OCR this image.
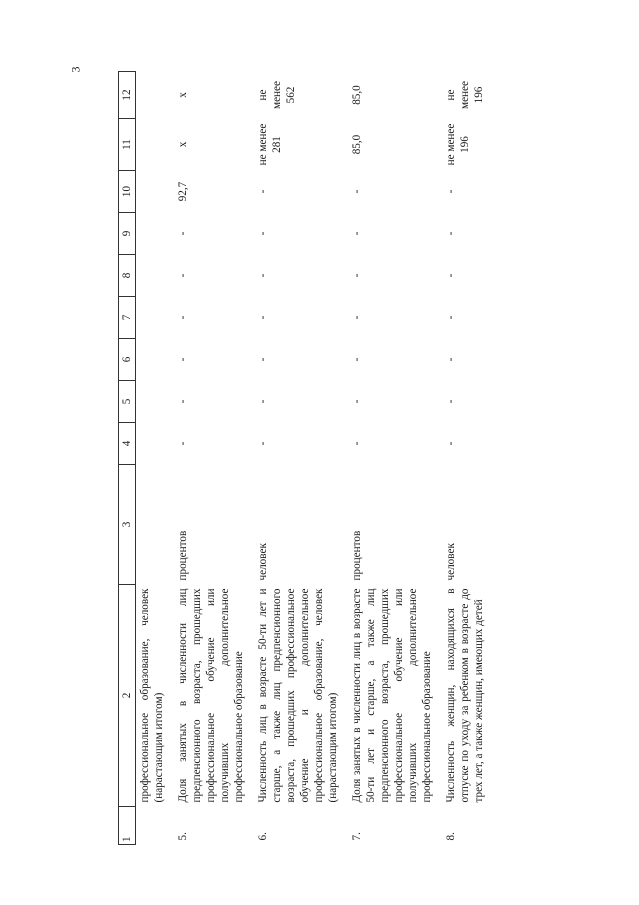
3
1	2	3	4	5	6	7	8	9	10	11	12	
	профессиональное образование, человек (нарастающим итогом)											

5.	Доля занятых в численности лиц предпенсионного возраста, прошедших профессиональное обучение или получивших дополнительное профессиональное образование	процентов	-	-	-	-	-	-	92,7	х	х	

6.	Численность лиц в возрасте 50-ти лет и старше, а также лиц предпенсионного возраста, прошедших профессиональное обучение и дополнительное профессиональное образование, человек (нарастающим итогом)	человек	-	-	-	-	-	-	-	не менее 281	не менее 562	

7.	Доля занятых в численности лиц в возрасте 50-ти лет и старше, а также лиц предпенсионного возраста, прошедших профессиональное обучение или получивших дополнительное профессиональное образование	процентов	-	-	-	-	-	-	-	85,0	85,0	

8.	Численность женщин, находящихся в отпуске по уходу за ребенком в возрасте до трех лет, а также женщин, имеющих детей	человек	-	-	-	-	-	-	-	не менее 196	не менее 196	
